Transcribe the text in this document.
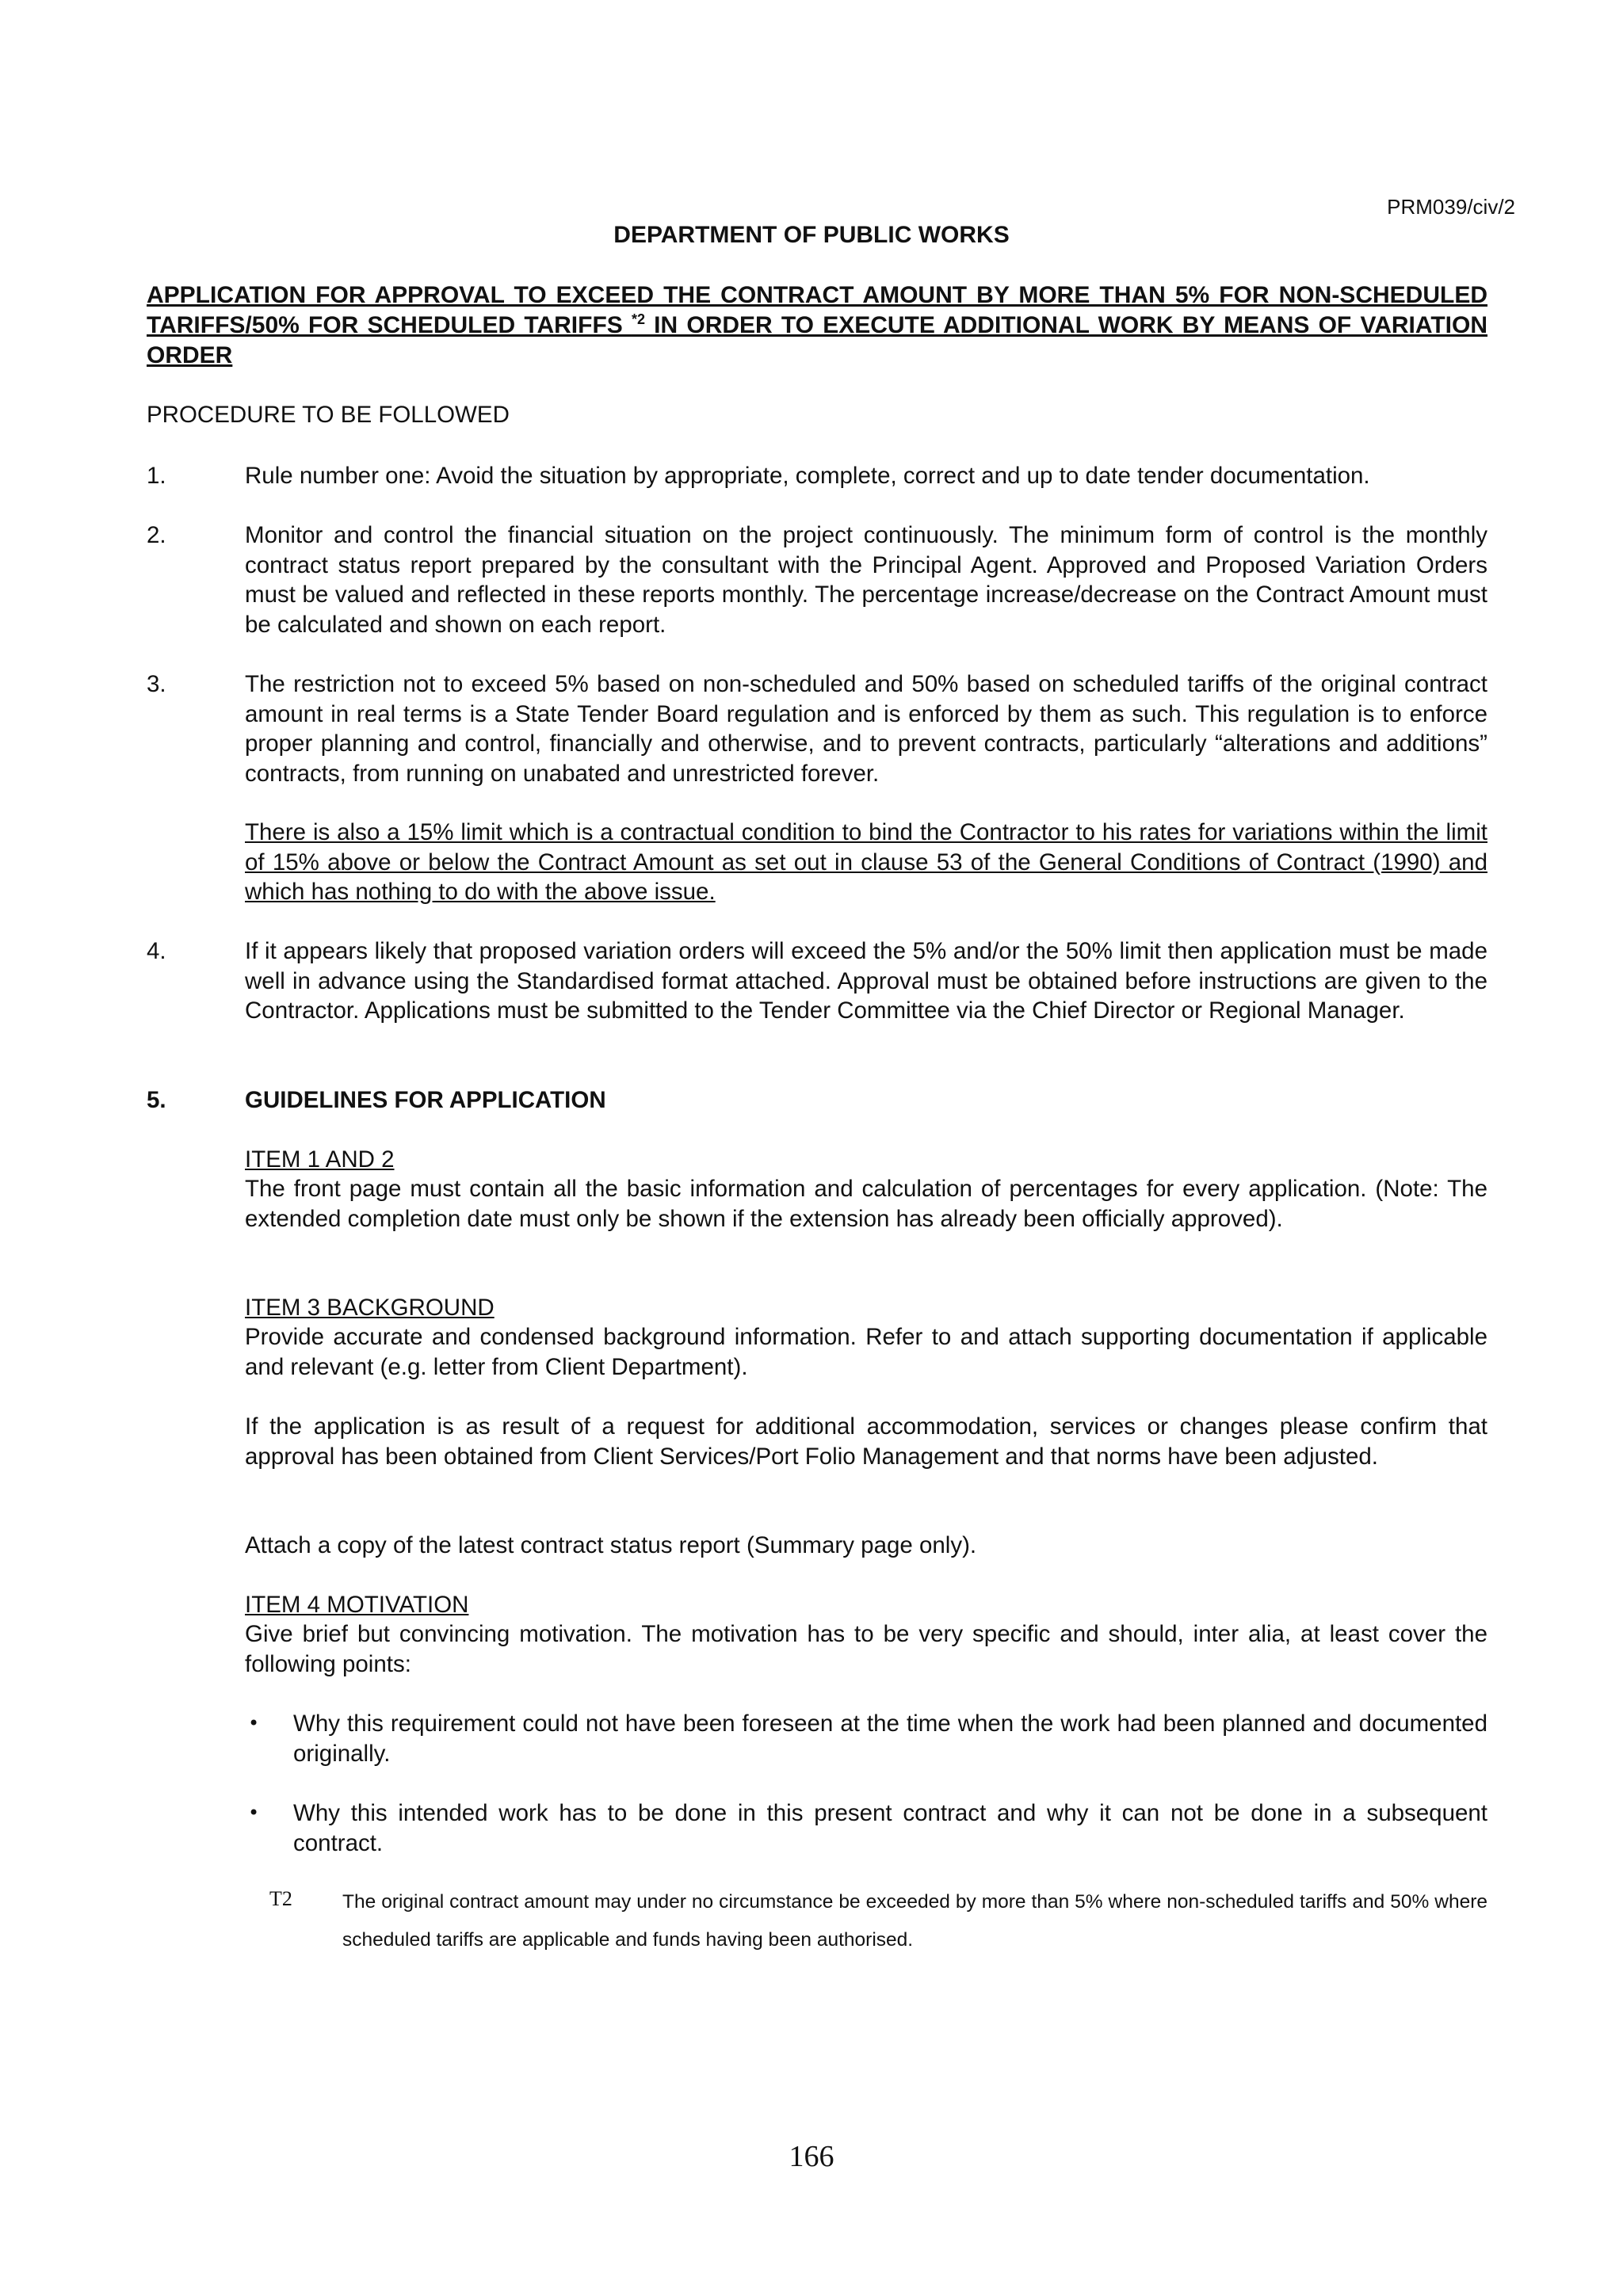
PRM039/civ/2
DEPARTMENT OF PUBLIC WORKS
APPLICATION FOR APPROVAL TO EXCEED THE CONTRACT AMOUNT BY MORE THAN 5% FOR NON-SCHEDULED TARIFFS/50% FOR SCHEDULED TARIFFS $^{*2}$ IN ORDER TO EXECUTE ADDITIONAL WORK BY MEANS OF VARIATION ORDER
PROCEDURE TO BE FOLLOWED
1.	Rule number one: Avoid the situation by appropriate, complete, correct and up to date tender documentation.
2.	Monitor and control the financial situation on the project continuously. The minimum form of control is the monthly contract status report prepared by the consultant with the Principal Agent. Approved and Proposed Variation Orders must be valued and reflected in these reports monthly. The percentage increase/decrease on the Contract Amount must be calculated and shown on each report.
3.	The restriction not to exceed 5% based on non-scheduled and 50% based on scheduled tariffs of the original contract amount in real terms is a State Tender Board regulation and is enforced by them as such. This regulation is to enforce proper planning and control, financially and otherwise, and to prevent contracts, particularly “alterations and additions” contracts, from running on unabated and unrestricted forever.
There is also a 15% limit which is a contractual condition to bind the Contractor to his rates for variations within the limit of 15% above or below the Contract Amount as set out in clause 53 of the General Conditions of Contract (1990) and which has nothing to do with the above issue.
4.	If it appears likely that proposed variation orders will exceed the 5% and/or the 50% limit then application must be made well in advance using the Standardised format attached. Approval must be obtained before instructions are given to the Contractor. Applications must be submitted to the Tender Committee via the Chief Director or Regional Manager.
5.	GUIDELINES FOR APPLICATION
ITEM 1 AND 2
The front page must contain all the basic information and calculation of percentages for every application. (Note: The extended completion date must only be shown if the extension has already been officially approved).
ITEM 3 BACKGROUND
Provide accurate and condensed background information. Refer to and attach supporting documentation if applicable and relevant (e.g. letter from Client Department).
If the application is as result of a request for additional accommodation, services or changes please confirm that approval has been obtained from Client Services/Port Folio Management and that norms have been adjusted.
Attach a copy of the latest contract status report (Summary page only).
ITEM 4 MOTIVATION
Give brief but convincing motivation. The motivation has to be very specific and should, inter alia, at least cover the following points:
• Why this requirement could not have been foreseen at the time when the work had been planned and documented originally.
• Why this intended work has to be done in this present contract and why it can not be done in a subsequent contract.
T2	The original contract amount may under no circumstance be exceeded by more than 5% where non-scheduled tariffs and 50% where scheduled tariffs are applicable and funds having been authorised.
166
